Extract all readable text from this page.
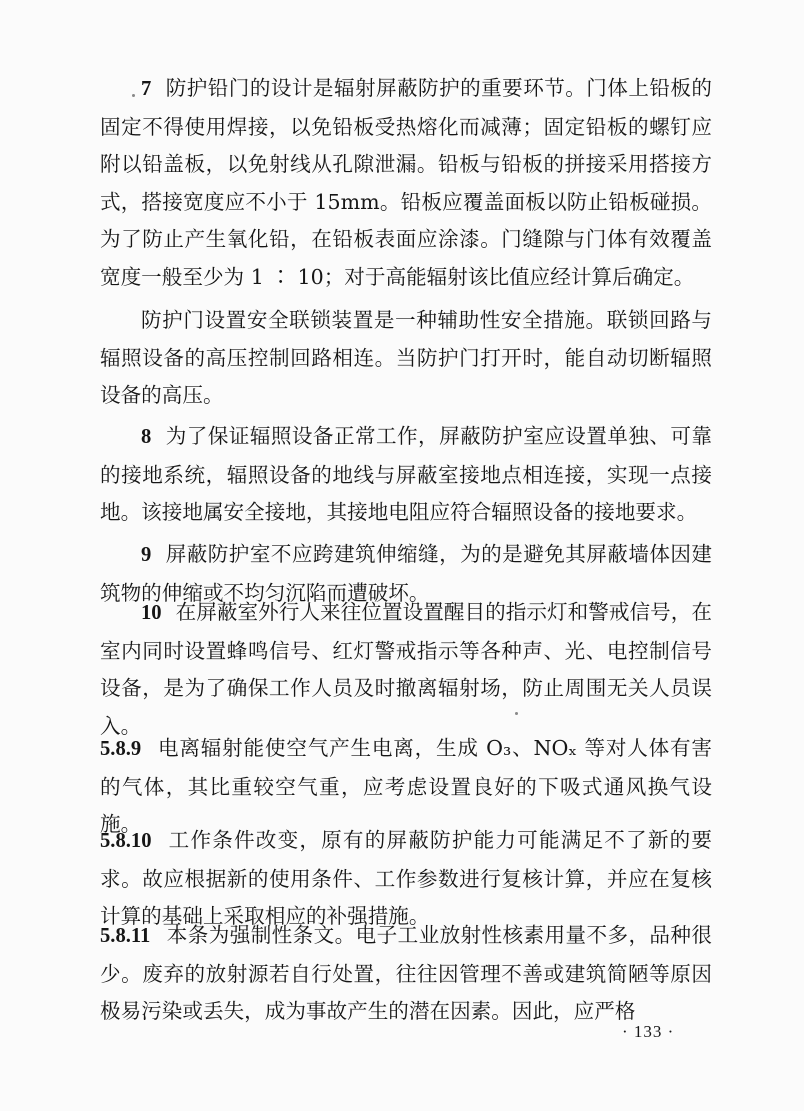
7 防护铅门的设计是辐射屏蔽防护的重要环节。门体上铅板的固定不得使用焊接，以免铅板受热熔化而减薄；固定铅板的螺钉应附以铅盖板，以免射线从孔隙泄漏。铅板与铅板的拼接采用搭接方式，搭接宽度应不小于 15mm。铅板应覆盖面板以防止铅板碰损。为了防止产生氧化铅，在铅板表面应涂漆。门缝隙与门体有效覆盖宽度一般至少为 1 ∶ 10；对于高能辐射该比值应经计算后确定。

防护门设置安全联锁装置是一种辅助性安全措施。联锁回路与辐照设备的高压控制回路相连。当防护门打开时，能自动切断辐照设备的高压。

8 为了保证辐照设备正常工作，屏蔽防护室应设置单独、可靠的接地系统，辐照设备的地线与屏蔽室接地点相连接，实现一点接地。该接地属安全接地，其接地电阻应符合辐照设备的接地要求。

9 屏蔽防护室不应跨建筑伸缩缝，为的是避免其屏蔽墙体因建筑物的伸缩或不均匀沉陷而遭破坏。

10 在屏蔽室外行人来往位置设置醒目的指示灯和警戒信号，在室内同时设置蜂鸣信号、红灯警戒指示等各种声、光、电控制信号设备，是为了确保工作人员及时撤离辐射场，防止周围无关人员误入。

5.8.9 电离辐射能使空气产生电离，生成 O₃、NOₓ 等对人体有害的气体，其比重较空气重，应考虑设置良好的下吸式通风换气设施。

5.8.10 工作条件改变，原有的屏蔽防护能力可能满足不了新的要求。故应根据新的使用条件、工作参数进行复核计算，并应在复核计算的基础上采取相应的补强措施。

5.8.11 本条为强制性条文。电子工业放射性核素用量不多，品种很少。废弃的放射源若自行处置，往往因管理不善或建筑简陋等原因极易污染或丢失，成为事故产生的潜在因素。因此，应严格

· 133 ·
